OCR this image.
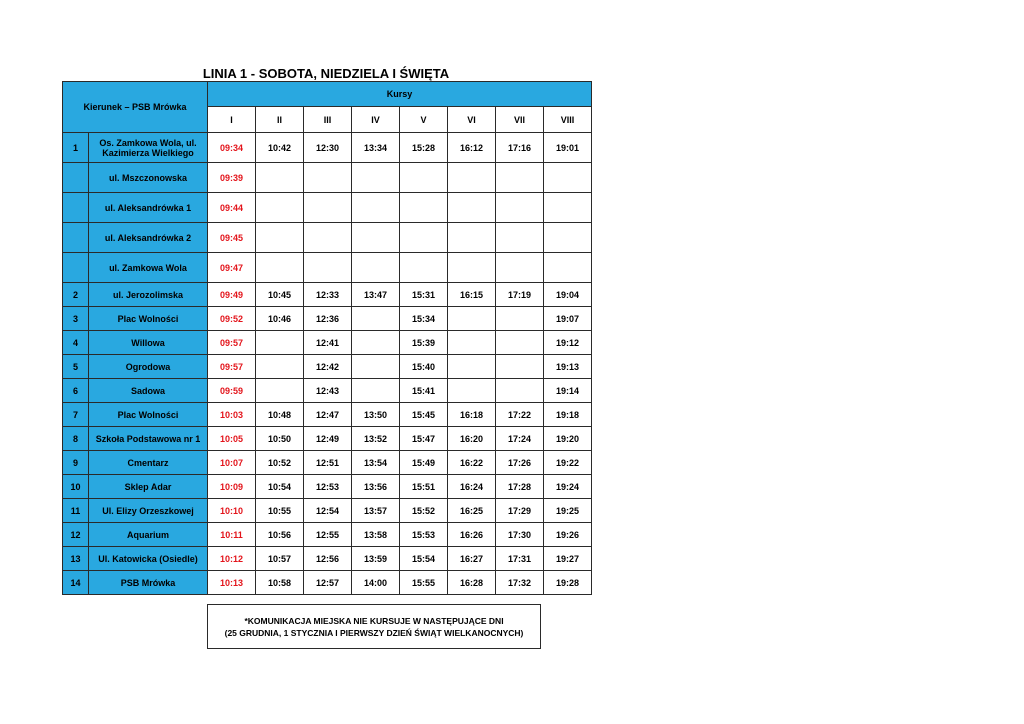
LINIA 1 - SOBOTA, NIEDZIELA I ŚWIĘTA
Kierunek – PSB Mrówka		Kursy							
		I	II	III	IV	V	VI	VII	VIII
1	Os. Zamkowa Wola, ul. Kazimierza Wielkiego	09:34	10:42	12:30	13:34	15:28	16:12	17:16	19:01
	ul. Mszczonowska	09:39							
	ul. Aleksandrówka 1	09:44							
	ul. Aleksandrówka 2	09:45							
	ul. Zamkowa Wola	09:47							
2	ul. Jerozolimska	09:49	10:45	12:33	13:47	15:31	16:15	17:19	19:04
3	Plac Wolności	09:52	10:46	12:36		15:34			19:07
4	Willowa	09:57		12:41		15:39			19:12
5	Ogrodowa	09:57		12:42		15:40			19:13
6	Sadowa	09:59		12:43		15:41			19:14
7	Plac Wolności	10:03	10:48	12:47	13:50	15:45	16:18	17:22	19:18
8	Szkoła Podstawowa nr 1	10:05	10:50	12:49	13:52	15:47	16:20	17:24	19:20
9	Cmentarz	10:07	10:52	12:51	13:54	15:49	16:22	17:26	19:22
10	Sklep Adar	10:09	10:54	12:53	13:56	15:51	16:24	17:28	19:24
11	Ul. Elizy Orzeszkowej	10:10	10:55	12:54	13:57	15:52	16:25	17:29	19:25
12	Aquarium	10:11	10:56	12:55	13:58	15:53	16:26	17:30	19:26
13	Ul. Katowicka (Osiedle)	10:12	10:57	12:56	13:59	15:54	16:27	17:31	19:27
14	PSB Mrówka	10:13	10:58	12:57	14:00	15:55	16:28	17:32	19:28
*KOMUNIKACJA MIEJSKA NIE KURSUJE W NASTĘPUJĄCE DNI
(25 GRUDNIA, 1 STYCZNIA I PIERWSZY DZIEŃ ŚWIĄT WIELKANOCNYCH)
